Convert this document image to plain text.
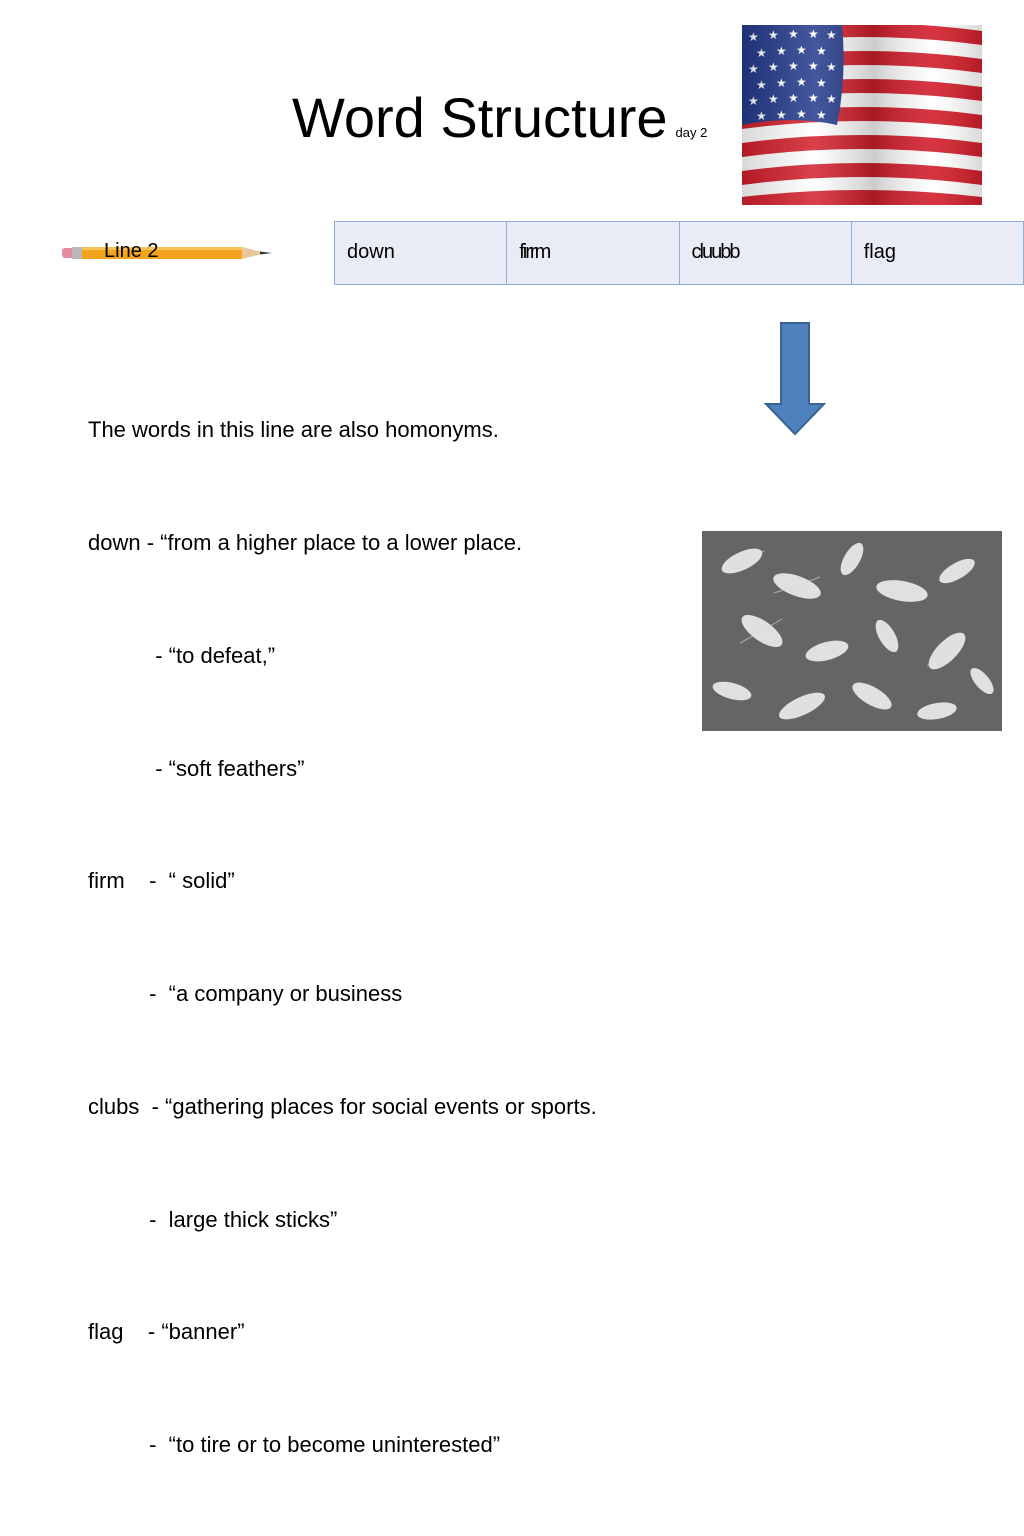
Word Structure day 2
Line 2	down	firrm	cluubb	flag

The words in this line are also homonyms.

down - “from a higher place to a lower place.

- “to defeat,”

- “soft feathers”

firm    -  “ solid”

-  “a company or business

clubs  - “gathering places for social events or sports.

-  large thick sticks”

flag    - “banner”

-  “to tire or to become uninterested”
